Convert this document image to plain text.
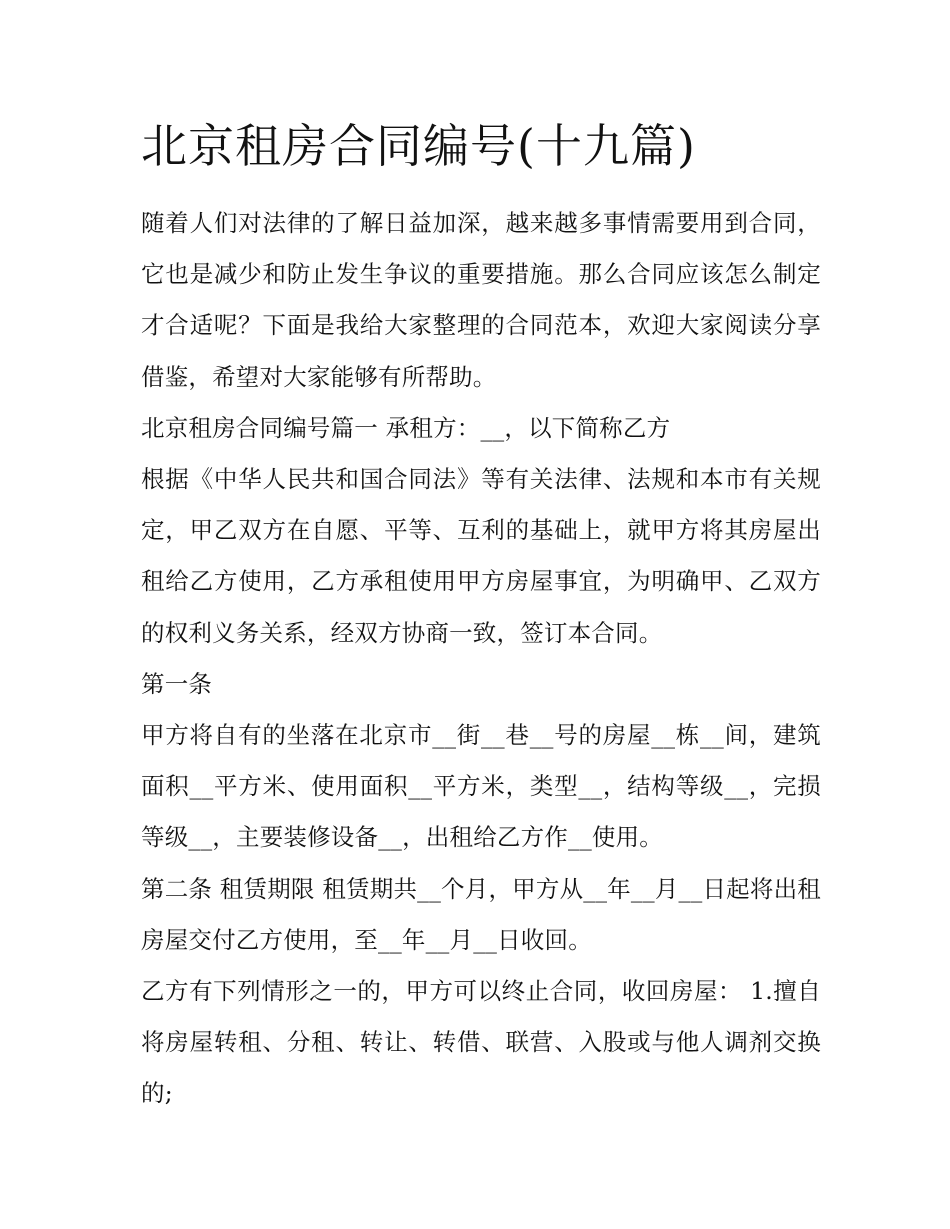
北京租房合同编号(十九篇)

随着人们对法律的了解日益加深，越来越多事情需要用到合同，它也是减少和防止发生争议的重要措施。那么合同应该怎么制定才合适呢？下面是我给大家整理的合同范本，欢迎大家阅读分享借鉴，希望对大家能够有所帮助。

北京租房合同编号篇一 承租方：__，以下简称乙方

根据《中华人民共和国合同法》等有关法律、法规和本市有关规定，甲乙双方在自愿、平等、互利的基础上，就甲方将其房屋出租给乙方使用，乙方承租使用甲方房屋事宜，为明确甲、乙双方的权利义务关系，经双方协商一致，签订本合同。

第一条

甲方将自有的坐落在北京市__街__巷__号的房屋__栋__间，建筑面积__平方米、使用面积__平方米，类型__，结构等级__，完损等级__，主要装修设备__，出租给乙方作__使用。

第二条 租赁期限 租赁期共__个月，甲方从__年__月__日起将出租房屋交付乙方使用，至__年__月__日收回。

乙方有下列情形之一的，甲方可以终止合同，收回房屋： 1.擅自将房屋转租、分租、转让、转借、联营、入股或与他人调剂交换的;
